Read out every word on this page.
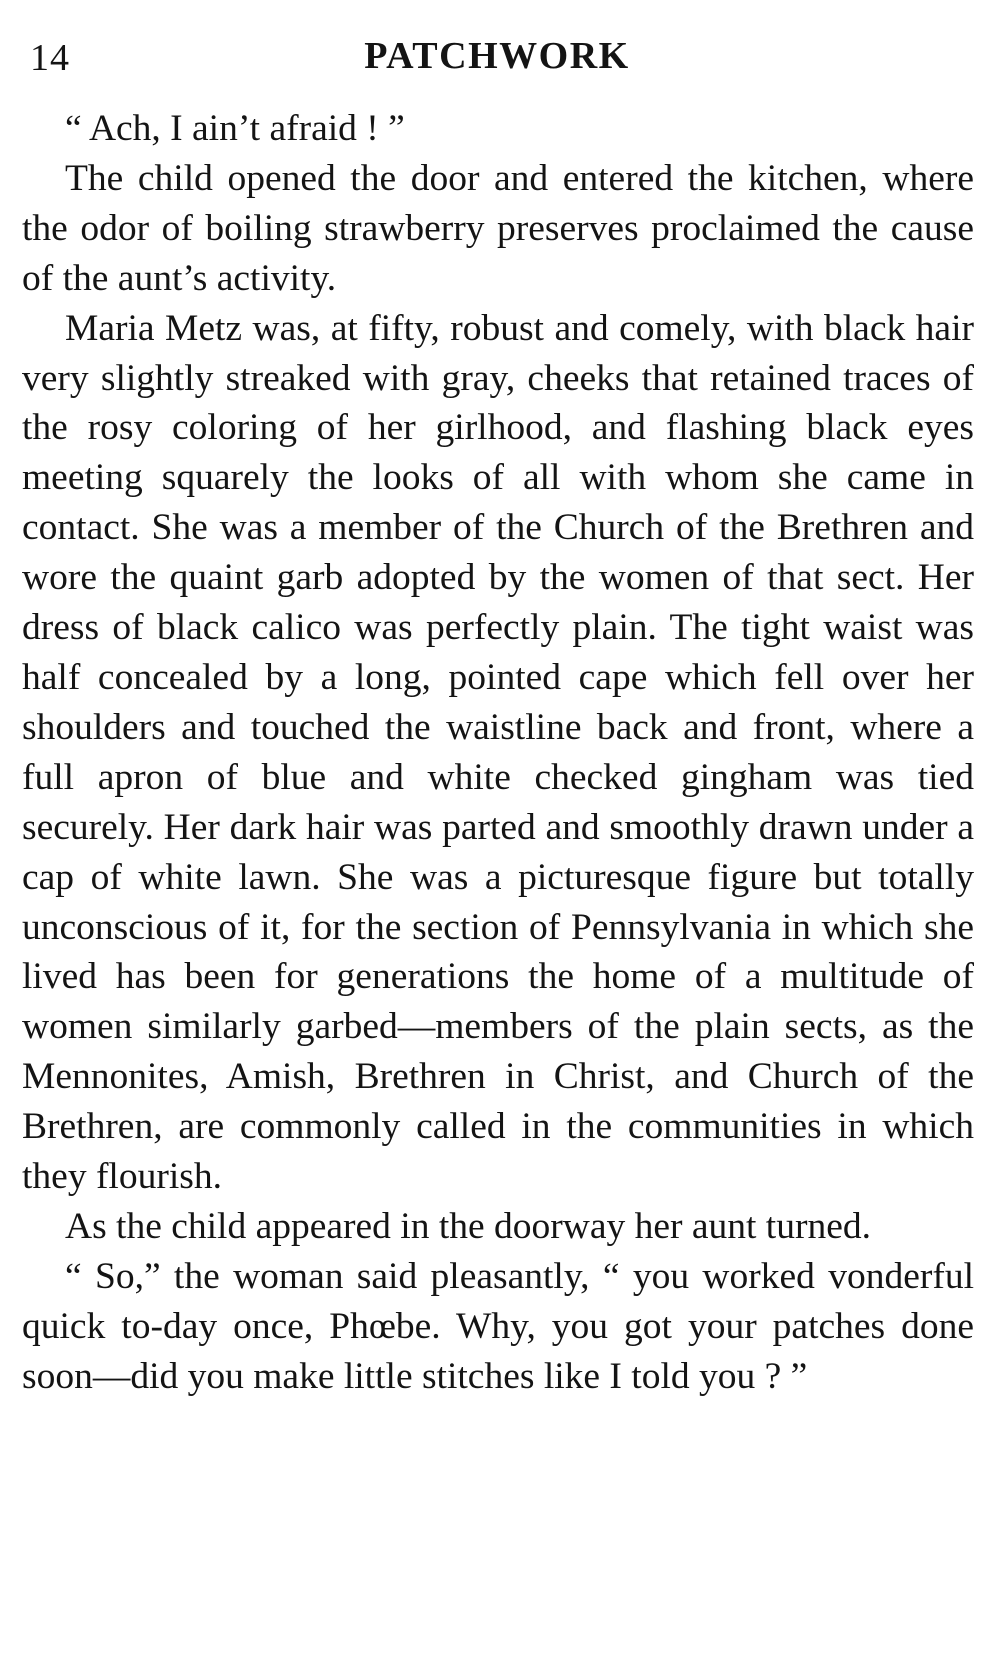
14	PATCHWORK

“ Ach, I ain’t afraid ! ”

The child opened the door and entered the kitchen, where the odor of boiling strawberry preserves proclaimed the cause of the aunt’s activity.

Maria Metz was, at fifty, robust and comely, with black hair very slightly streaked with gray, cheeks that retained traces of the rosy coloring of her girlhood, and flashing black eyes meeting squarely the looks of all with whom she came in contact. She was a member of the Church of the Brethren and wore the quaint garb adopted by the women of that sect. Her dress of black calico was perfectly plain. The tight waist was half concealed by a long, pointed cape which fell over her shoulders and touched the waistline back and front, where a full apron of blue and white checked gingham was tied securely. Her dark hair was parted and smoothly drawn under a cap of white lawn. She was a picturesque figure but totally unconscious of it, for the section of Pennsylvania in which she lived has been for generations the home of a multitude of women similarly garbed—members of the plain sects, as the Mennonites, Amish, Brethren in Christ, and Church of the Brethren, are commonly called in the communities in which they flourish.

As the child appeared in the doorway her aunt turned.

“ So,” the woman said pleasantly, “ you worked vonderful quick to-day once, Phœbe. Why, you got your patches done soon—did you make little stitches like I told you ? ”
